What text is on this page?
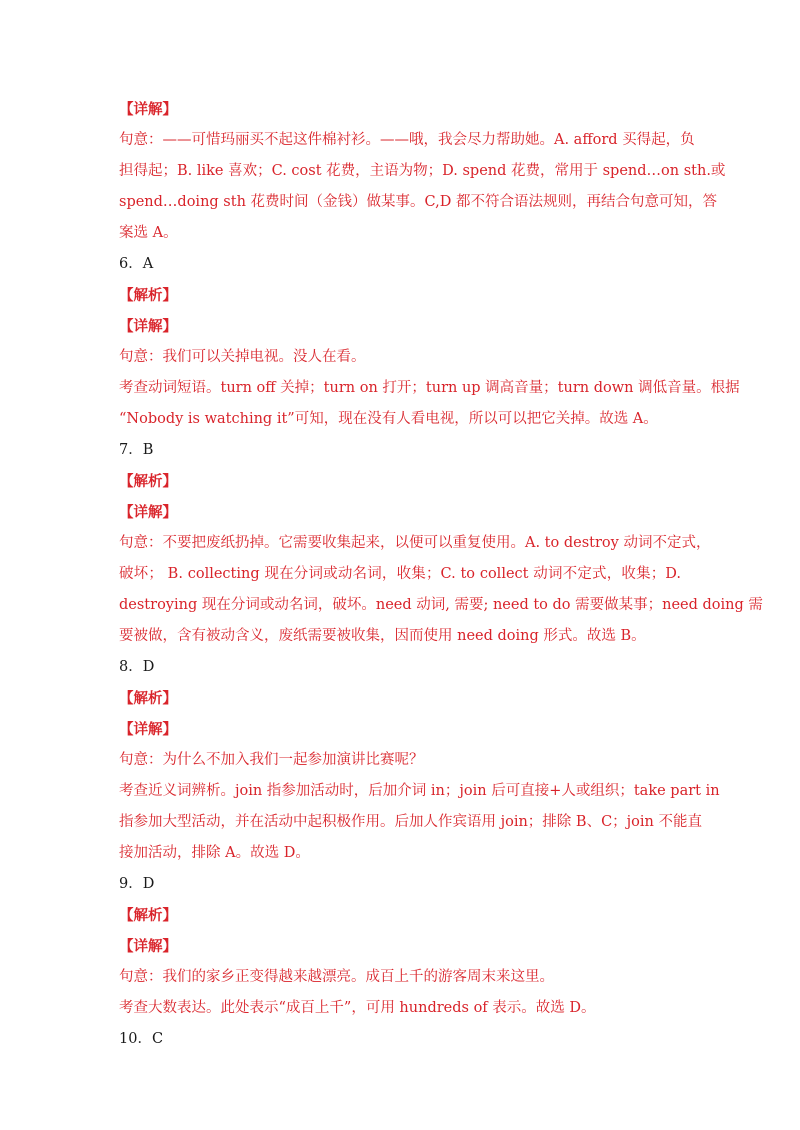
【详解】
句意：——可惜玛丽买不起这件棉衬衫。——哦，我会尽力帮助她。A. afford 买得起，负
担得起；B. like 喜欢；C. cost 花费，主语为物；D. spend 花费，常用于 spend…on sth.或
spend…doing sth 花费时间（金钱）做某事。C,D 都不符合语法规则，再结合句意可知，答
案选 A。
6．A
【解析】
【详解】
句意：我们可以关掉电视。没人在看。
考查动词短语。turn off 关掉；turn on 打开；turn up 调高音量；turn down 调低音量。根据
“Nobody is watching it”可知，现在没有人看电视，所以可以把它关掉。故选 A。
7．B
【解析】
【详解】
句意：不要把废纸扔掉。它需要收集起来，以便可以重复使用。A. to destroy 动词不定式，
破坏； B. collecting 现在分词或动名词，收集；C. to collect 动词不定式，收集；D.
destroying 现在分词或动名词，破坏。need 动词, 需要; need to do 需要做某事；need doing 需
要被做，含有被动含义，废纸需要被收集，因而使用 need doing 形式。故选 B。
8．D
【解析】
【详解】
句意：为什么不加入我们一起参加演讲比赛呢？
考查近义词辨析。join 指参加活动时，后加介词 in；join 后可直接+人或组织；take part in
指参加大型活动，并在活动中起积极作用。后加人作宾语用 join；排除 B、C；join 不能直
接加活动，排除 A。故选 D。
9．D
【解析】
【详解】
句意：我们的家乡正变得越来越漂亮。成百上千的游客周末来这里。
考查大数表达。此处表示“成百上千”，可用 hundreds of 表示。故选 D。
10．C
